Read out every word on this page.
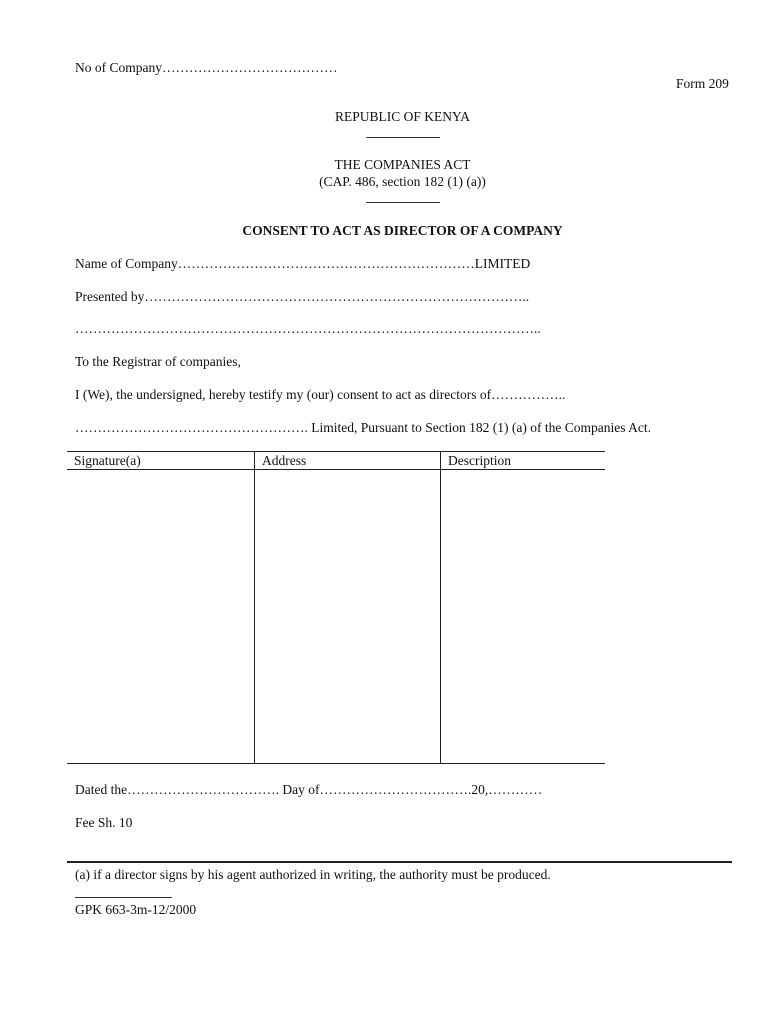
No of Company…………………………………
Form 209
REPUBLIC OF KENYA
THE COMPANIES ACT
(CAP. 486, section 182 (1) (a))
CONSENT TO ACT AS DIRECTOR OF A COMPANY
Name of Company…………………………………………………………LIMITED
Presented by…………………………………………………………………………..
…………………………………………………………………………………………..
To the Registrar of companies,
I (We), the undersigned, hereby testify my (our) consent to act as directors of……………..
……………………………………………. Limited, Pursuant to Section 182 (1) (a) of the Companies Act.
Signature(a)	Address	Description

Dated the……………………………. Day of…………………………….20,…………
Fee Sh. 10
(a) if a director signs by his agent authorized in writing, the authority must be produced.
GPK 663-3m-12/2000
